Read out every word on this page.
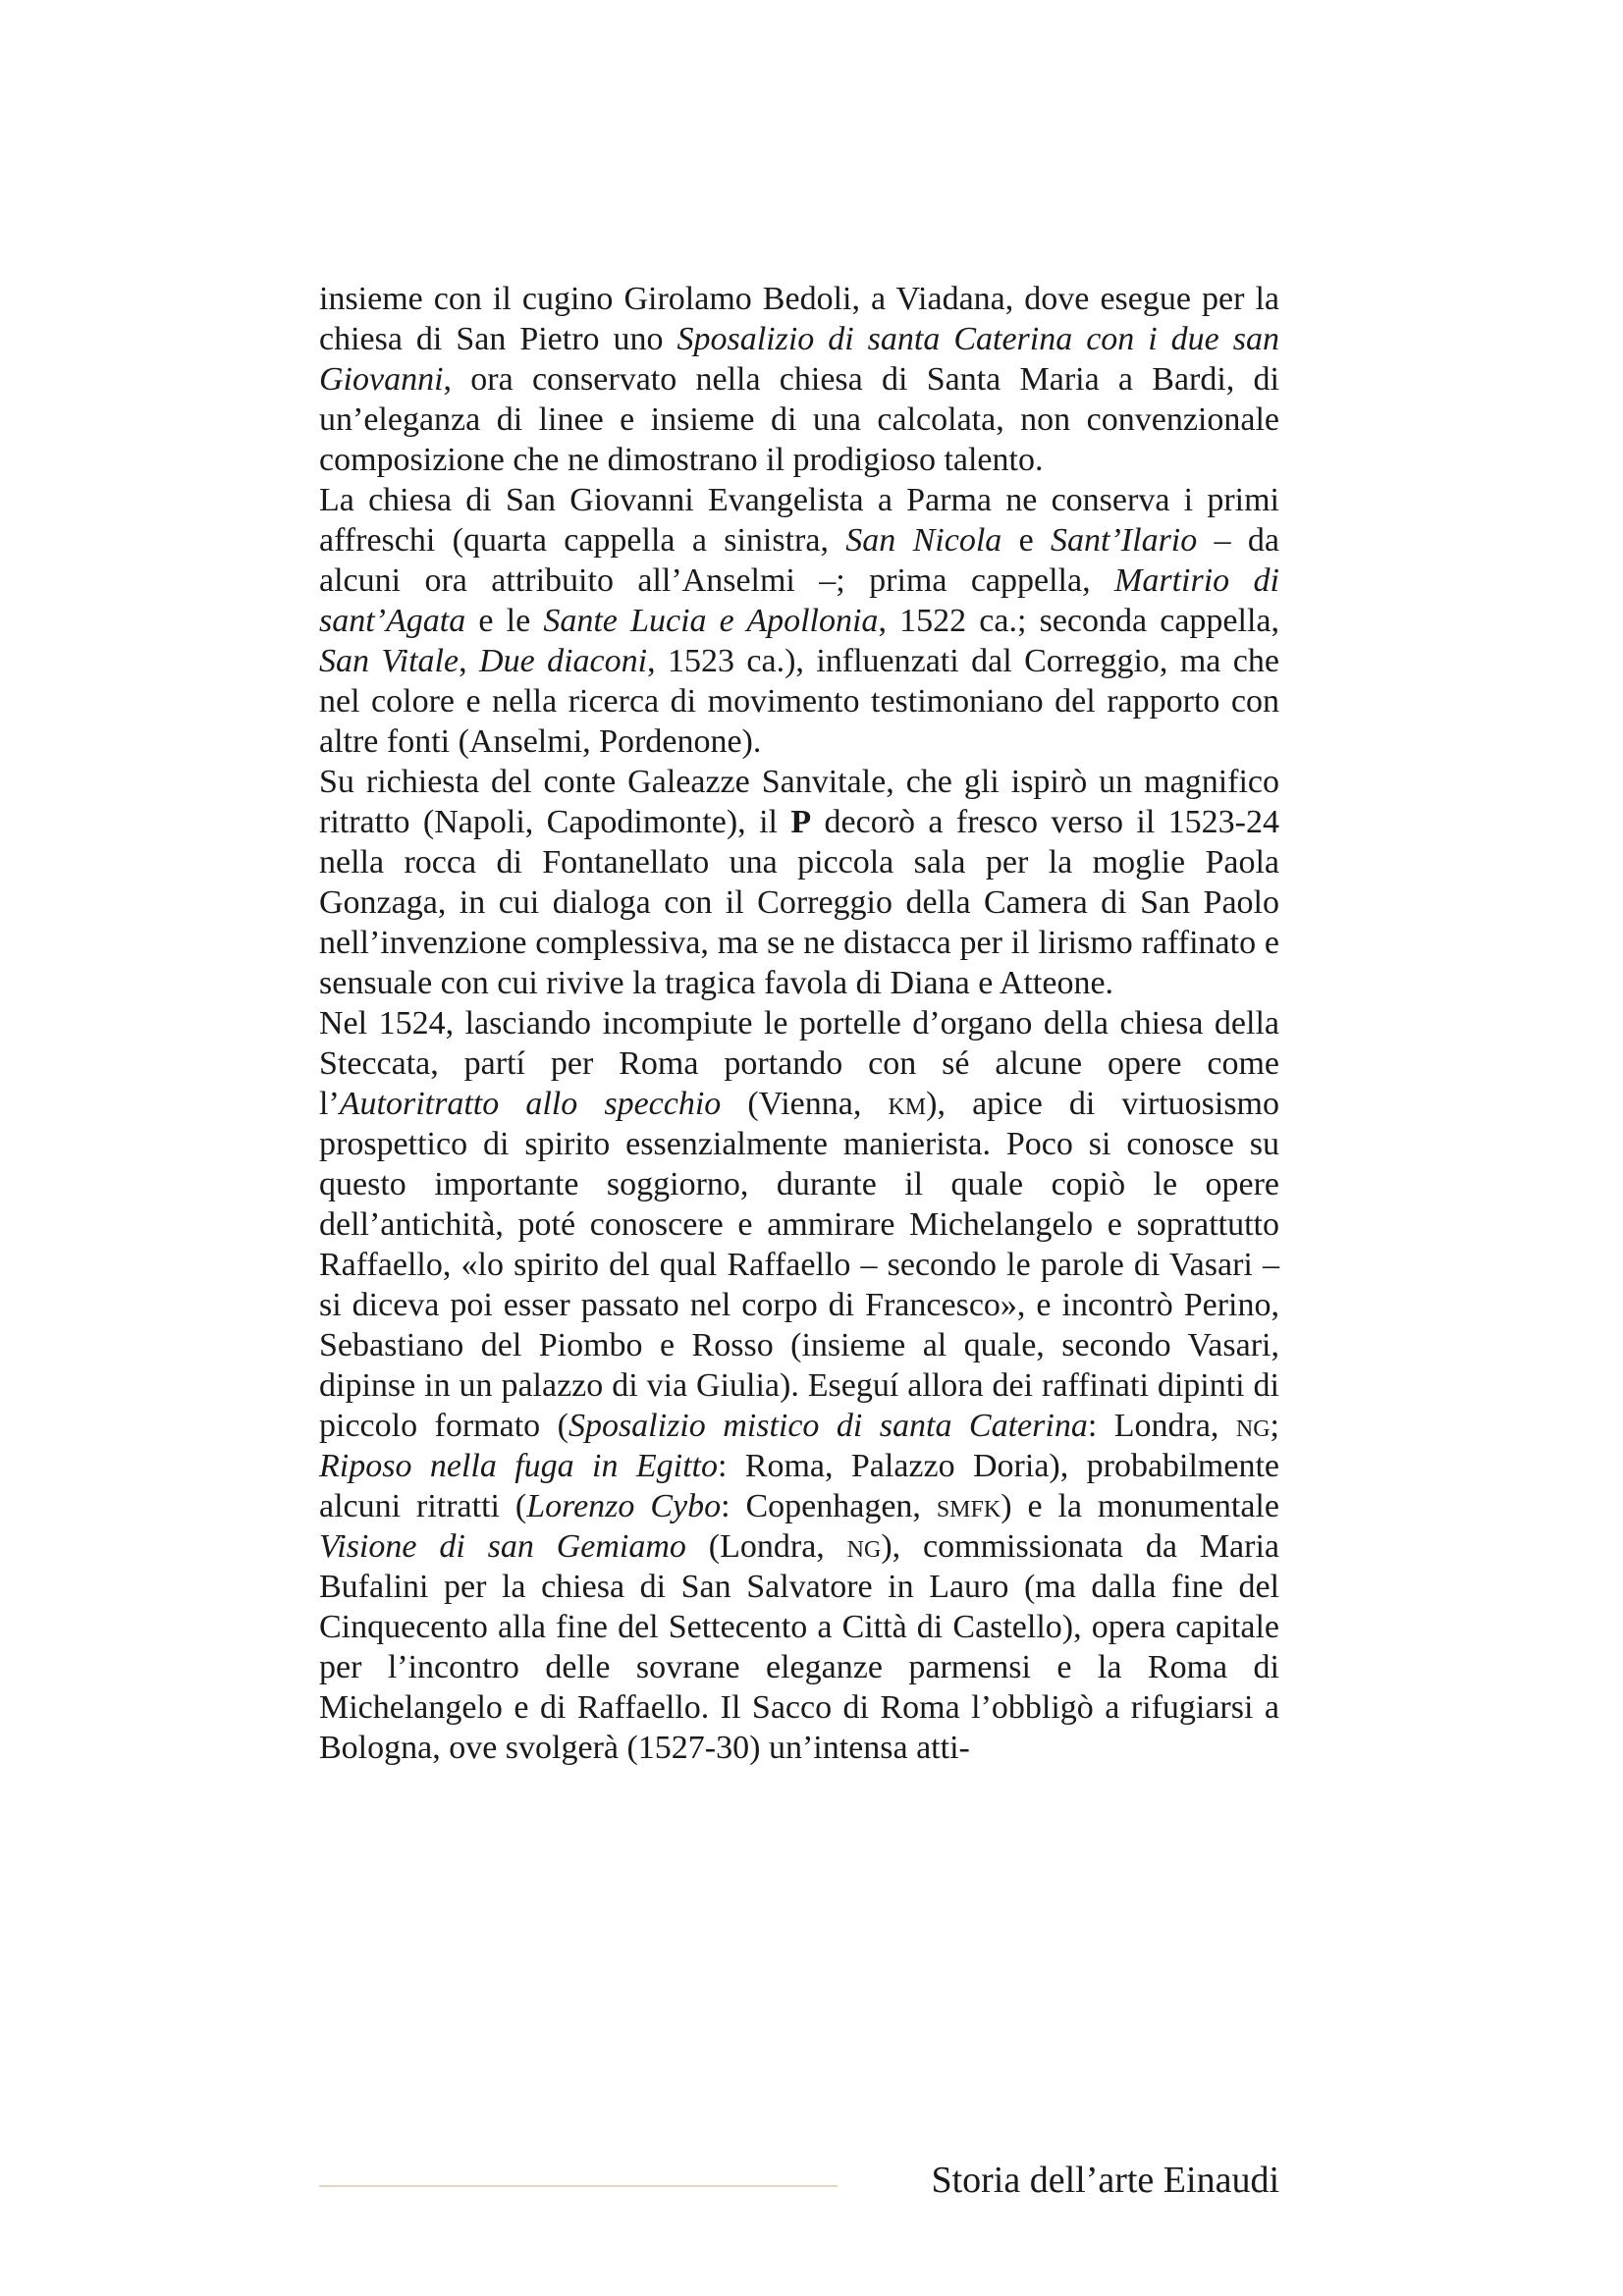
insieme con il cugino Girolamo Bedoli, a Viadana, dove esegue per la chiesa di San Pietro uno Sposalizio di santa Caterina con i due san Giovanni, ora conservato nella chiesa di Santa Maria a Bardi, di un’eleganza di linee e insieme di una calcolata, non convenzionale composizione che ne dimostrano il prodigioso talento.

La chiesa di San Giovanni Evangelista a Parma ne conserva i primi affreschi (quarta cappella a sinistra, San Nicola e Sant’Ilario – da alcuni ora attribuito all’Anselmi –; prima cappella, Martirio di sant’Agata e le Sante Lucia e Apollonia, 1522 ca.; seconda cappella, San Vitale, Due diaconi, 1523 ca.), influenzati dal Correggio, ma che nel colore e nella ricerca di movimento testimoniano del rapporto con altre fonti (Anselmi, Pordenone).

Su richiesta del conte Galeazze Sanvitale, che gli ispirò un magnifico ritratto (Napoli, Capodimonte), il P decorò a fresco verso il 1523-24 nella rocca di Fontanellato una piccola sala per la moglie Paola Gonzaga, in cui dialoga con il Correggio della Camera di San Paolo nell’invenzione complessiva, ma se ne distacca per il lirismo raffinato e sensuale con cui rivive la tragica favola di Diana e Atteone.

Nel 1524, lasciando incompiute le portelle d’organo della chiesa della Steccata, partí per Roma portando con sé alcune opere come l’Autoritratto allo specchio (Vienna, km), apice di virtuosismo prospettico di spirito essenzialmente manierista. Poco si conosce su questo importante soggiorno, durante il quale copiò le opere dell’antichità, poté conoscere e ammirare Michelangelo e soprattutto Raffaello, «lo spirito del qual Raffaello – secondo le parole di Vasari – si diceva poi esser passato nel corpo di Francesco», e incontrò Perino, Sebastiano del Piombo e Rosso (insieme al quale, secondo Vasari, dipinse in un palazzo di via Giulia). Eseguí allora dei raffinati dipinti di piccolo formato (Sposalizio mistico di santa Caterina: Londra, ng; Riposo nella fuga in Egitto: Roma, Palazzo Doria), probabilmente alcuni ritratti (Lorenzo Cybo: Copenhagen, smfk) e la monumentale Visione di san Gemiamo (Londra, ng), commissionata da Maria Bufalini per la chiesa di San Salvatore in Lauro (ma dalla fine del Cinquecento alla fine del Settecento a Città di Castello), opera capitale per l’incontro delle sovrane eleganze parmensi e la Roma di Michelangelo e di Raffaello. Il Sacco di Roma l’obbligò a rifugiarsi a Bologna, ove svolgerà (1527-30) un’intensa atti-

Storia dell’arte Einaudi
